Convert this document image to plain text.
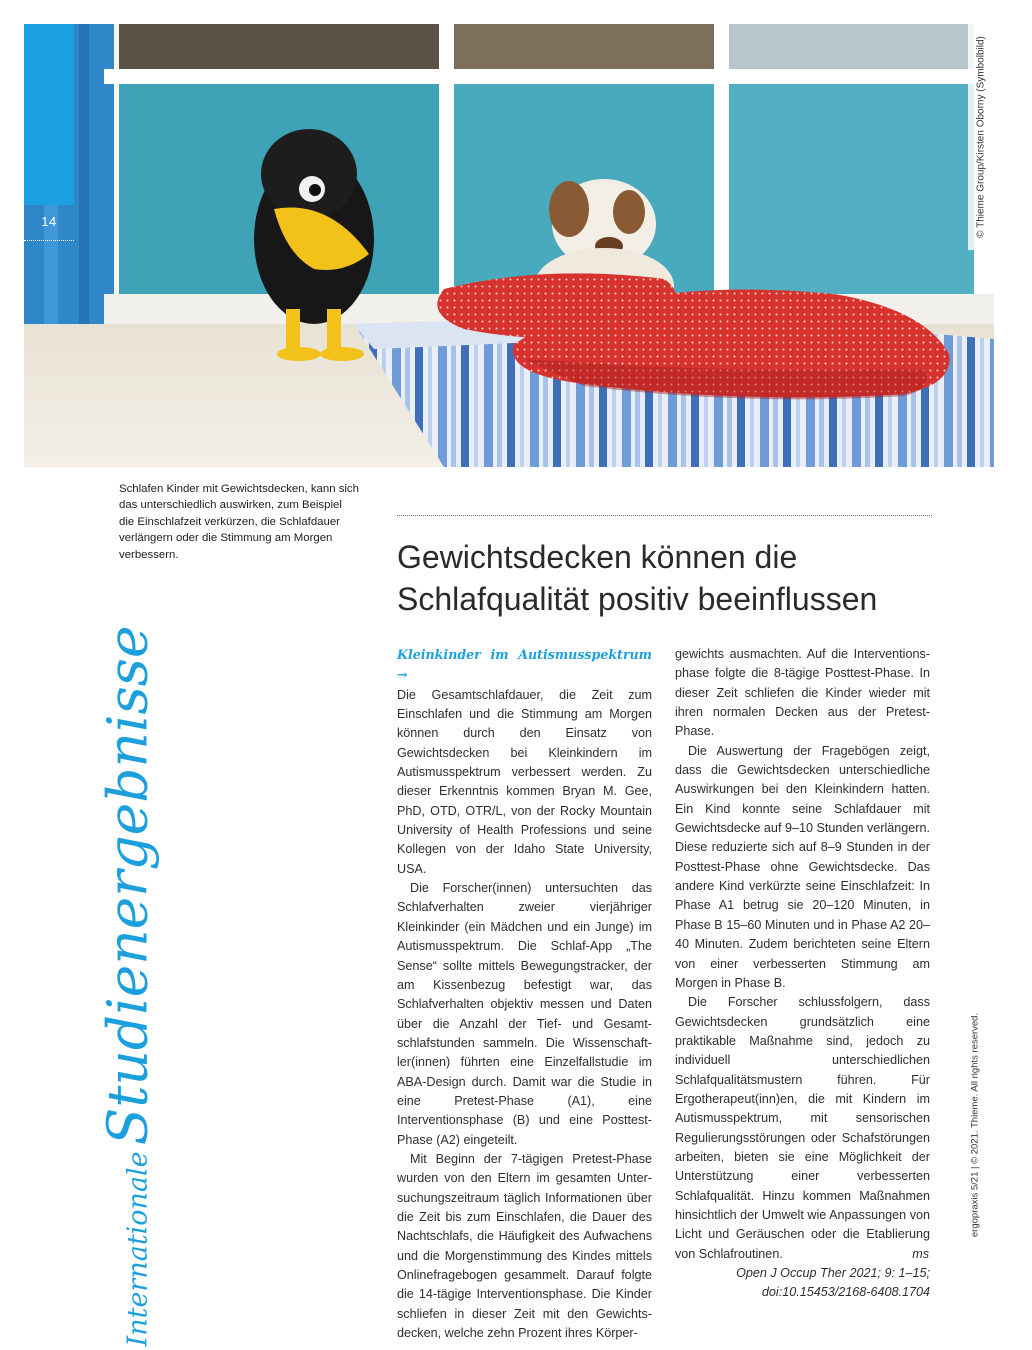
14	© Thieme Group/Kirsten Oborny (Symbolbild)
Schlafen Kinder mit Gewichtsdecken, kann sich das unterschiedlich auswirken, zum Beispiel die Einschlafzeit verkürzen, die Schlafdauer verlängern oder die Stimmung am Morgen verbessern.	Gewichtsdecken können die Schlafqualität positiv beeinflussen
InternationaleStudienergebnisse	Kleinkinder im Autismusspektrum →
Die Gesamtschlafdauer, die Zeit zum Einschlafen und die Stimmung am Morgen können durch den Einsatz von Gewichtsdecken bei Kleinkindern im Autismusspektrum verbessert werden. Zu dieser Erkenntnis kommen Bryan M. Gee, PhD, OTD, OTR/L, von der Rocky Mountain University of Health Professions und seine Kollegen von der Idaho State University, USA.

Die Forscher(innen) untersuchten das Schlafverhalten zweier vierjähriger Kleinkinder (ein Mädchen und ein Junge) im Autismusspektrum. Die Schlaf-App „The Sense“ sollte mittels Bewegungstracker, der am Kissenbezug befestigt war, das Schlafverhalten objektiv messen und Daten über die Anzahl der Tief- und Gesamtschlafstunden sammeln. Die Wissenschaftler(innen) führten eine Einzelfallstudie im ABA-Design durch. Damit war die Studie in eine Pretest-Phase (A1), eine Interventionsphase (B) und eine Posttest-Phase (A2) eingeteilt.

Mit Beginn der 7-tägigen Pretest-Phase wurden von den Eltern im gesamten Untersuchungszeitraum täglich Informationen über die Zeit bis zum Einschlafen, die Dauer des Nachtschlafs, die Häufigkeit des Aufwachens und die Morgenstimmung des Kindes mittels Onlinefragebogen gesammelt. Darauf folgte die 14-tägige Interventionsphase. Die Kinder schliefen in dieser Zeit mit den Gewichtsdecken, welche zehn Prozent ihres Körper-

gewichts ausmachten. Auf die Interventionsphase folgte die 8-tägige Posttest-Phase. In dieser Zeit schliefen die Kinder wieder mit ihren normalen Decken aus der Pretest-Phase.

Die Auswertung der Fragebögen zeigt, dass die Gewichtsdecken unterschiedliche Auswirkungen bei den Kleinkindern hatten. Ein Kind konnte seine Schlafdauer mit Gewichtsdecke auf 9–10 Stunden verlängern. Diese reduzierte sich auf 8–9 Stunden in der Posttest-Phase ohne Gewichtsdecke. Das andere Kind verkürzte seine Einschlafzeit: In Phase A1 betrug sie 20–120 Minuten, in Phase B 15–60 Minuten und in Phase A2 20–40 Minuten. Zudem berichteten seine Eltern von einer verbesserten Stimmung am Morgen in Phase B.

Die Forscher schlussfolgern, dass Gewichtsdecken grundsätzlich eine praktikable Maßnahme sind, jedoch zu individuell unterschiedlichen Schlafqualitätsmustern führen. Für Ergotherapeut(inn)en, die mit Kindern im Autismusspektrum, mit sensorischen Regulierungsstörungen oder Schafstörungen arbeiten, bieten sie eine Möglichkeit der Unterstützung einer verbesserten Schlafqualität. Hinzu kommen Maßnahmen hinsichtlich der Umwelt wie Anpassungen von Licht und Geräuschen oder die Etablierung von Schlafroutinen.	ms

Open J Occup Ther 2021; 9: 1–15;
doi:10.15453/2168-6408.1704

ergopraxis 5/21 | © 2021. Thieme. All rights reserved.
